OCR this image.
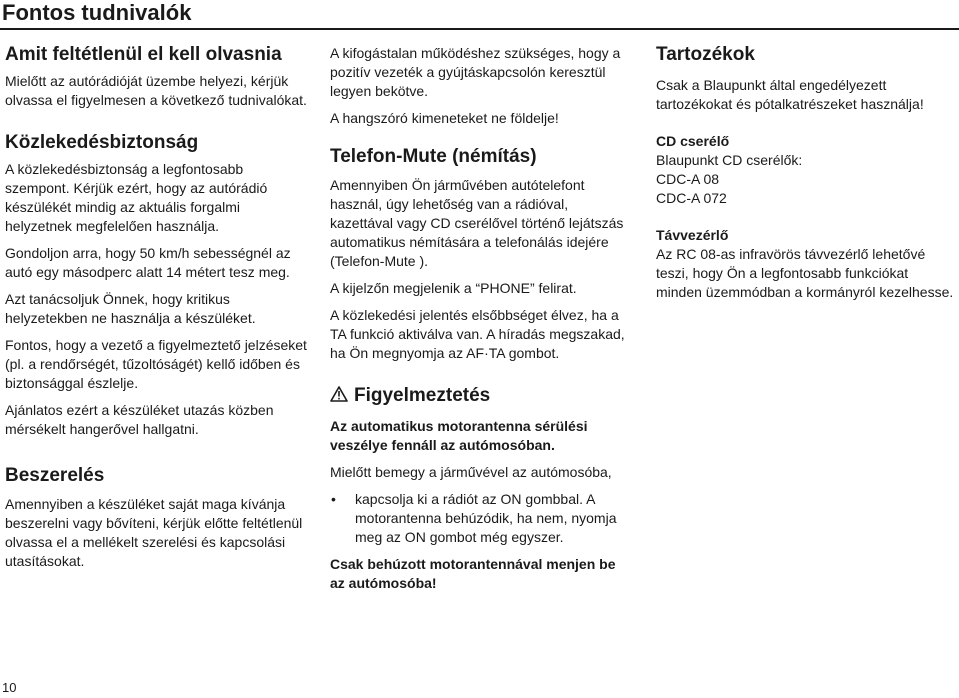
Fontos tudnivalók
Amit feltétlenül el kell olvasnia

Mielőtt az autórádióját üzembe helyezi, kérjük olvassa el figyelmesen a következő tudnivalókat.

Közlekedésbiztonság

A közlekedésbiztonság a legfontosabb szempont. Kérjük ezért, hogy az autórádió készülékét mindig az aktuális forgalmi helyzetnek megfelelően használja.

Gondoljon arra, hogy 50 km/h sebességnél az autó egy másodperc alatt 14 métert tesz meg.

Azt tanácsoljuk Önnek, hogy kritikus helyzetekben ne használja a készüléket.

Fontos, hogy a vezető a figyelmeztető jelzéseket (pl. a rendőrségét, tűzoltóságét) kellő időben és biztonsággal észlelje.

Ajánlatos ezért a készüléket utazás közben mérsékelt hangerővel hallgatni.

Beszerelés

Amennyiben a készüléket saját maga kívánja beszerelni vagy bővíteni, kérjük előtte feltétlenül olvassa el a mellékelt szerelési és kapcsolási utasításokat.

A kifogástalan működéshez szükséges, hogy a pozitív vezeték a gyújtáskapcsolón keresztül legyen bekötve.

A hangszóró kimeneteket ne földelje!

Telefon-Mute (némítás)

Amennyiben Ön járművében autótelefont használ, úgy lehetőség van a rádióval, kazettával vagy CD cserélővel történő lejátszás automatikus némítására a telefonálás idejére (Telefon-Mute ).

A kijelzőn megjelenik a “PHONE” felirat.

A közlekedési jelentés elsőbbséget élvez, ha a TA funkció aktiválva van. A híradás megszakad, ha Ön megnyomja az AF·TA gombot.

Figyelmeztetés

Az automatikus motorantenna sérülési veszélye fennáll az autómosóban.

Mielőtt bemegy a járművével az autómosóba,

• kapcsolja ki a rádiót az ON gombbal. A motorantenna behúzódik, ha nem, nyomja meg az ON gombot még egyszer.

Csak behúzott motorantennával menjen be az autómosóba!

Tartozékok

Csak a Blaupunkt által engedélyezett tartozékokat és pótalkatrészeket használja!

CD cserélő

Blaupunkt CD cserélők:

CDC-A 08

CDC-A 072

Távvezérlő

Az RC 08-as infravörös távvezérlő lehetővé teszi, hogy Ön a legfontosabb funkciókat minden üzemmódban a kormányról kezelhesse.

10
